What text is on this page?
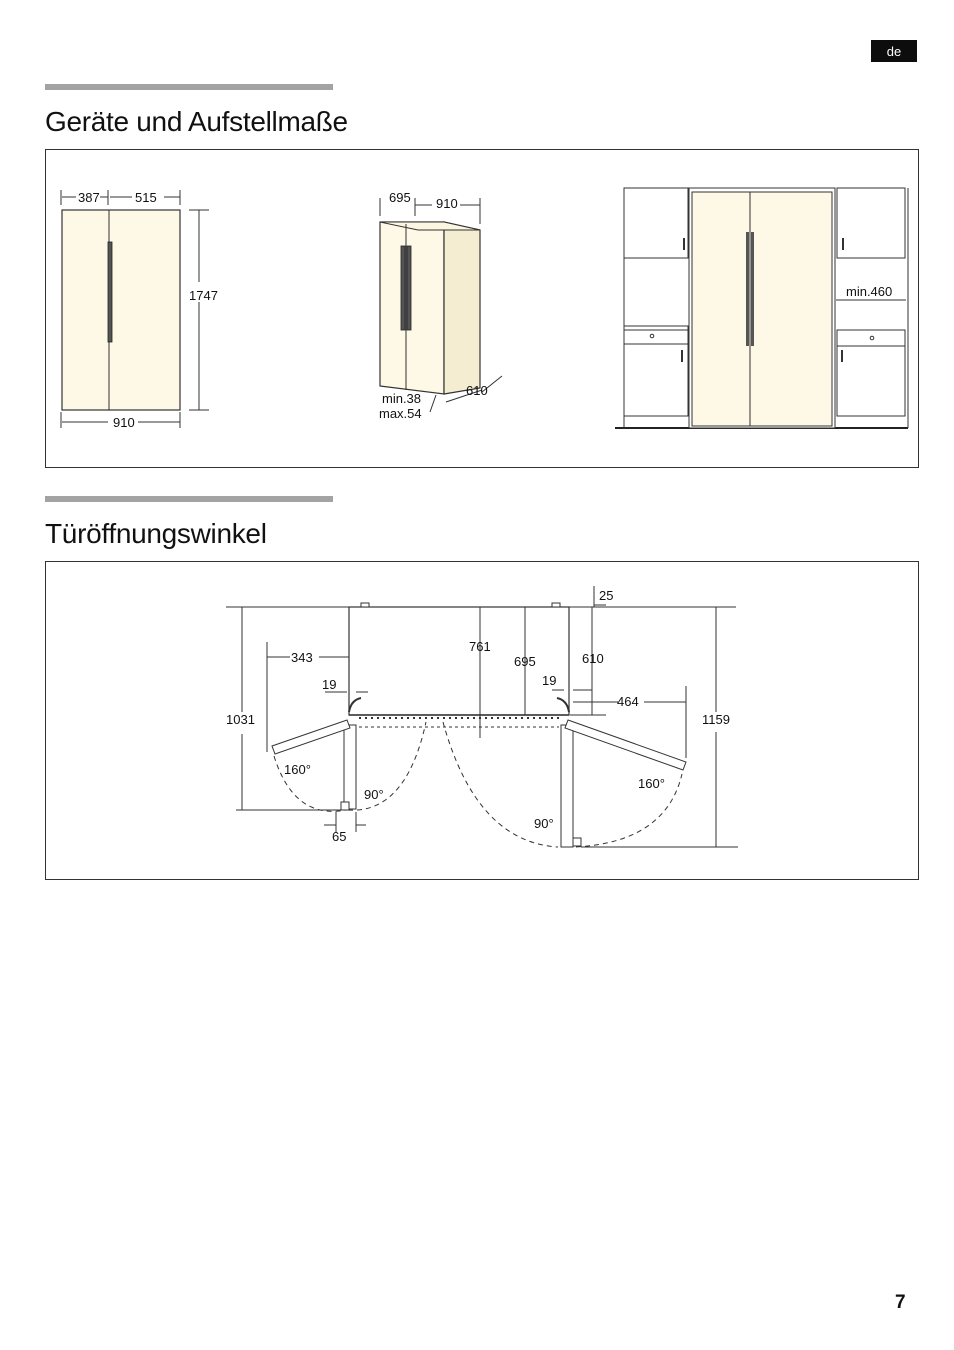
de
Geräte und Aufstellmaße
387	515
1747
910
695 910
610
min.38
max.54
min.460
Türöffnungswinkel
25
761
695	610
343
19	19
464
1031	1159
160°
90°
65
90°
160°
7
